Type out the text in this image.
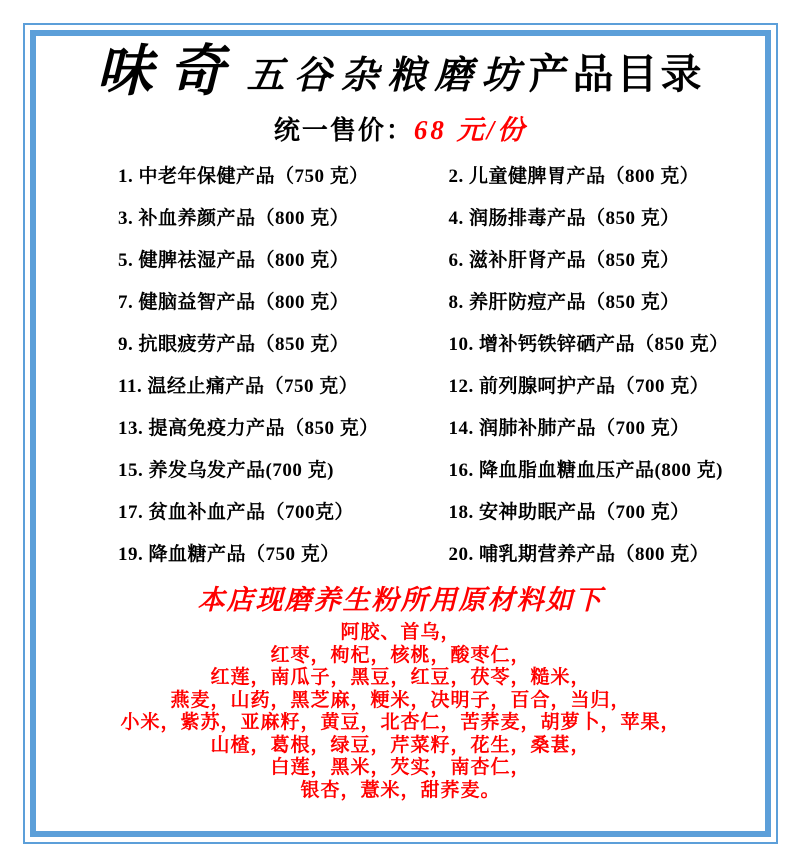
味奇 五谷杂粮磨坊产品目录
统一售价：68 元/份
1. 中老年保健产品（750 克）	2. 儿童健脾胃产品（800 克）
3. 补血养颜产品（800 克）	4. 润肠排毒产品（850 克）
5. 健脾祛湿产品（800 克）	6. 滋补肝肾产品（850 克）
7. 健脑益智产品（800 克）	8. 养肝防痘产品（850 克）
9. 抗眼疲劳产品（850 克）	10. 增补钙铁锌硒产品（850 克）
11. 温经止痛产品（750 克）	12. 前列腺呵护产品（700 克）
13. 提高免疫力产品（850 克）	14. 润肺补肺产品（700 克）
15. 养发乌发产品(700 克)	16. 降血脂血糖血压产品(800 克)
17. 贫血补血产品（700克）	18. 安神助眠产品（700 克）
19. 降血糖产品（750 克）	20. 哺乳期营养产品（800 克）
本店现磨养生粉所用原材料如下
阿胶、首乌，
红枣，枸杞，核桃，酸枣仁，
红莲，南瓜子，黑豆，红豆，茯苓，糙米，
燕麦，山药，黑芝麻，粳米，决明子，百合，当归，
小米，紫苏，亚麻籽，黄豆，北杏仁，苦荞麦，胡萝卜，苹果，
山楂，葛根，绿豆，芹菜籽，花生，桑葚，
白莲，黑米，芡实，南杏仁，
银杏，薏米，甜荞麦。
